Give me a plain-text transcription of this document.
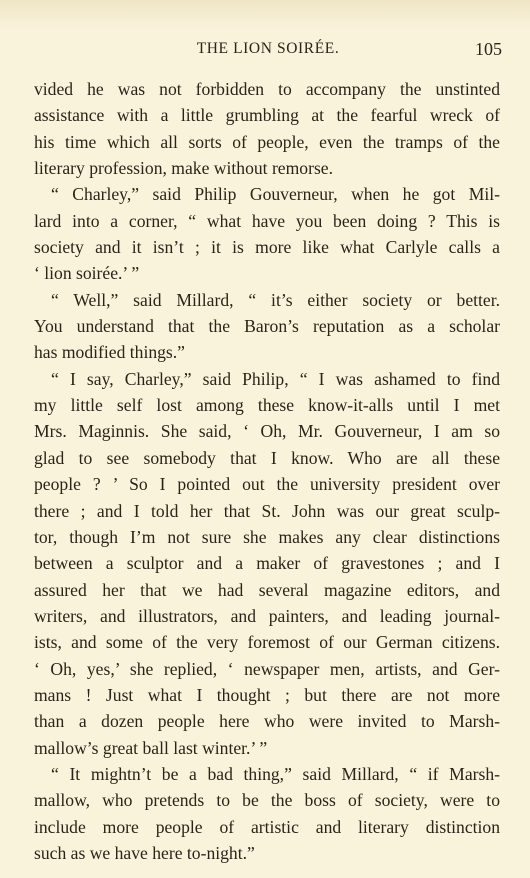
THE LION SOIRÉE.	105
vided he was not forbidden to accompany the unstinted
assistance with a little grumbling at the fearful wreck of
his time which all sorts of people, even the tramps of the
literary profession, make without remorse.
“ Charley,” said Philip Gouverneur, when he got Mil-
lard into a corner, “ what have you been doing ? This is
society and it isn’t ; it is more like what Carlyle calls a
‘ lion soirée.’ ”
“ Well,” said Millard, “ it’s either society or better.
You understand that the Baron’s reputation as a scholar
has modified things.”
“ I say, Charley,” said Philip, “ I was ashamed to find
my little self lost among these know-it-alls until I met
Mrs. Maginnis. She said, ‘ Oh, Mr. Gouverneur, I am so
glad to see somebody that I know. Who are all these
people ? ’ So I pointed out the university president over
there ; and I told her that St. John was our great sculp-
tor, though I’m not sure she makes any clear distinctions
between a sculptor and a maker of gravestones ; and I
assured her that we had several magazine editors, and
writers, and illustrators, and painters, and leading journal-
ists, and some of the very foremost of our German citizens.
‘ Oh, yes,’ she replied, ‘ newspaper men, artists, and Ger-
mans ! Just what I thought ; but there are not more
than a dozen people here who were invited to Marsh-
mallow’s great ball last winter.’ ”
“ It mightn’t be a bad thing,” said Millard, “ if Marsh-
mallow, who pretends to be the boss of society, were to
include more people of artistic and literary distinction
such as we have here to-night.”
